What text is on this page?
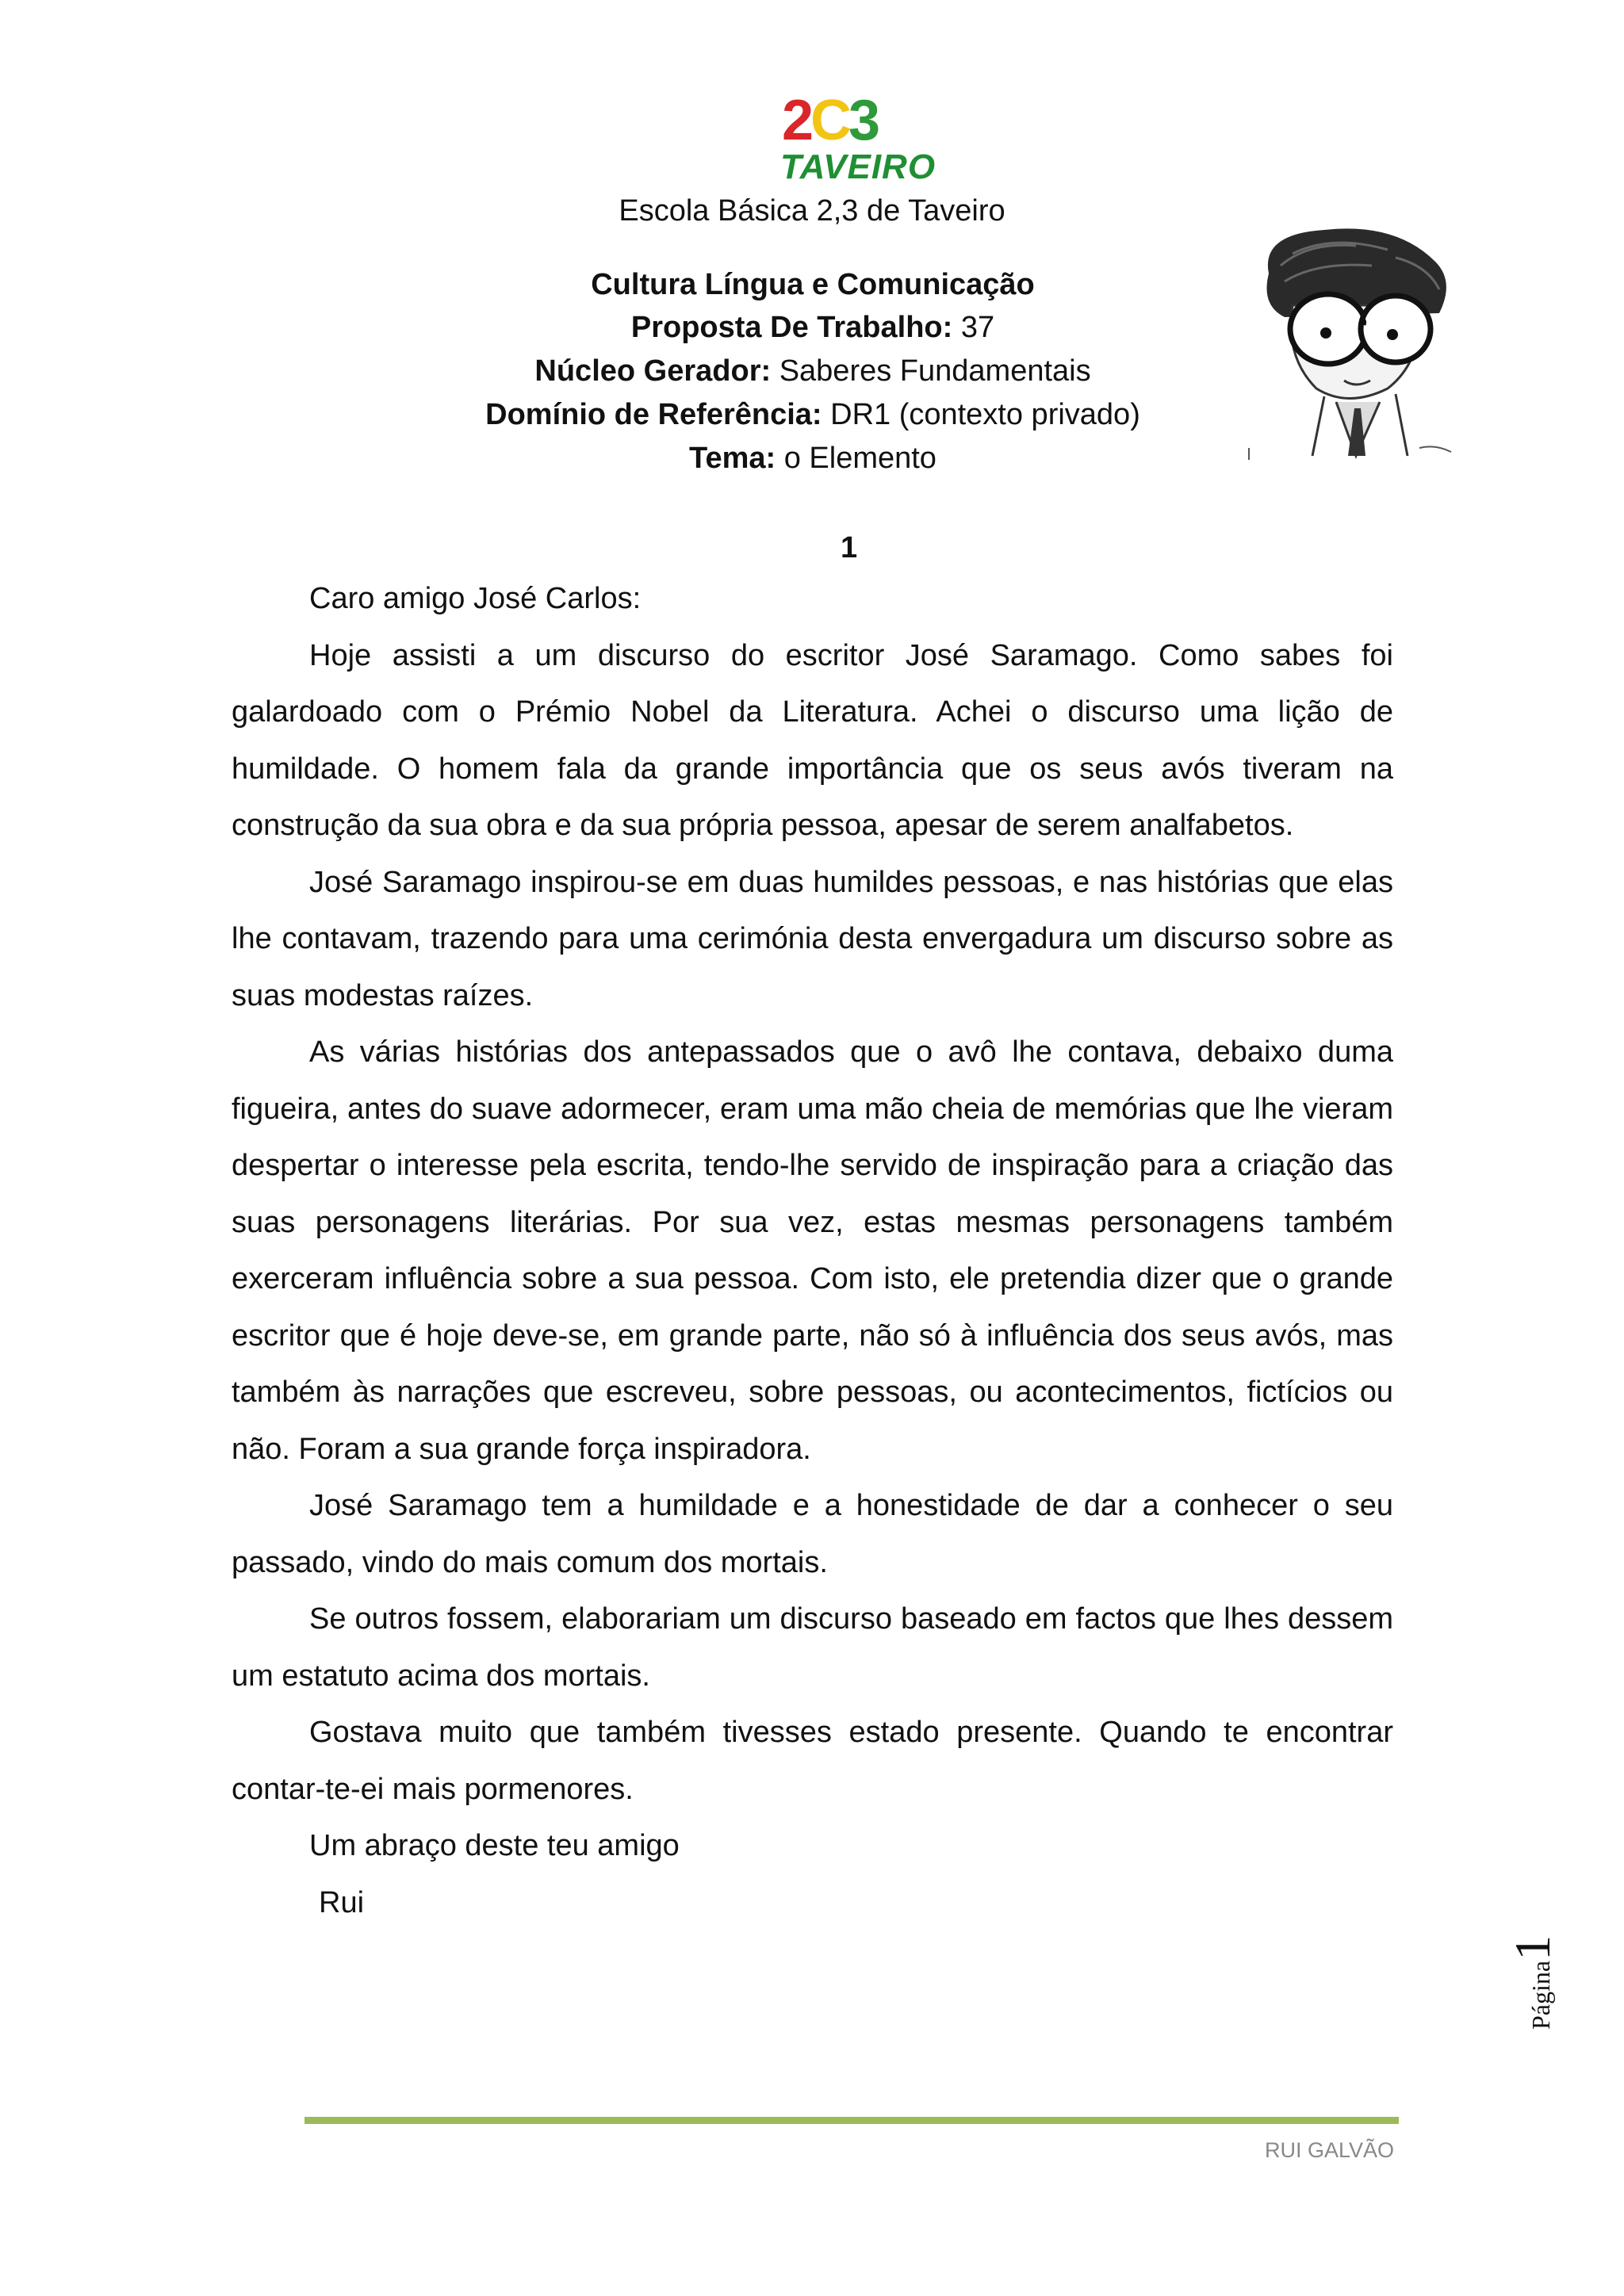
2C3
TAVEIRO
Escola Básica 2,3 de Taveiro
Cultura Língua e Comunicação
Proposta De Trabalho: 37
Núcleo Gerador: Saberes Fundamentais
Domínio de Referência: DR1 (contexto privado)
Tema: o Elemento
1

Caro amigo José Carlos:

Hoje assisti a um discurso do escritor José Saramago. Como sabes foi galardoado com o Prémio Nobel da Literatura. Achei o discurso uma lição de humildade. O homem fala da grande importância que os seus avós tiveram na construção da sua obra e da sua própria pessoa, apesar de serem analfabetos.

José Saramago inspirou-se em duas humildes pessoas, e nas histórias que elas lhe contavam, trazendo para uma cerimónia desta envergadura um discurso sobre as suas modestas raízes.

As várias histórias dos antepassados que o avô lhe contava, debaixo duma figueira, antes do suave adormecer, eram uma mão cheia de memórias que lhe vieram despertar o interesse pela escrita, tendo-lhe servido de inspiração para a criação das suas personagens literárias. Por sua vez, estas mesmas personagens também exerceram influência sobre a sua pessoa. Com isto, ele pretendia dizer que o grande escritor que é hoje deve-se, em grande parte, não só à influência dos seus avós, mas também às narrações que escreveu, sobre pessoas, ou acontecimentos, fictícios ou não. Foram a sua grande força inspiradora.

José Saramago tem a humildade e a honestidade de dar a conhecer o seu passado, vindo do mais comum dos mortais.

Se outros fossem, elaborariam um discurso baseado em factos que lhes dessem um estatuto acima dos mortais.

Gostava muito que também tivesses estado presente. Quando te encontrar contar-te-ei mais pormenores.

Um abraço deste teu amigo

Rui

Página1
RUI GALVÃO
